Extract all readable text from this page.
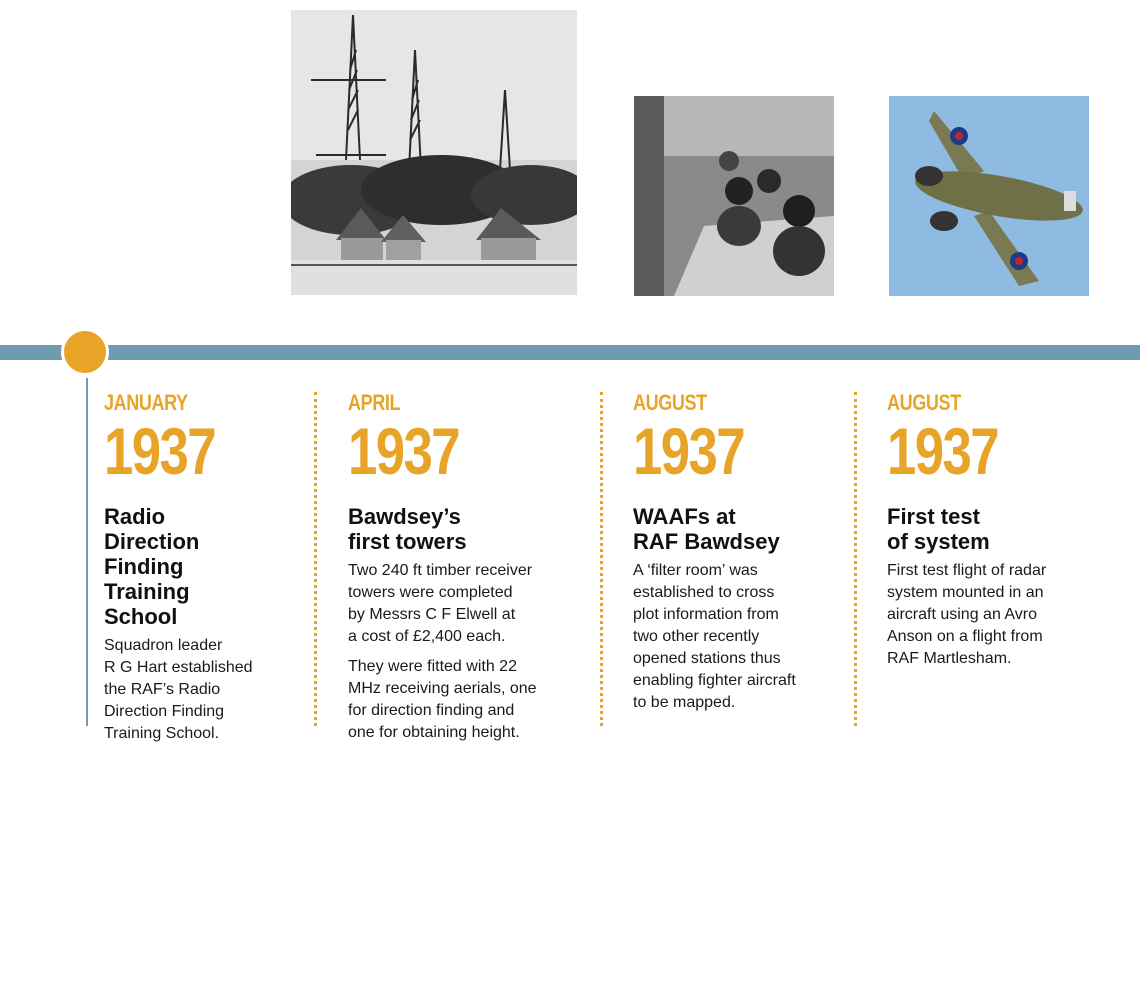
JANUARY
1937
Radio
Direction
Finding
Training
School
Squadron leader
R G Hart established
the RAF’s Radio
Direction Finding
Training School.
APRIL
1937
Bawdsey’s
first towers
Two 240 ft timber receiver
towers were completed
by Messrs C F Elwell at
a cost of £2,400 each.
They were fitted with 22
MHz receiving aerials, one
for direction finding and
one for obtaining height.
AUGUST
1937
WAAFs at
RAF Bawdsey
A ‘filter room’ was
established to cross
plot information from
two other recently
opened stations thus
enabling fighter aircraft
to be mapped.
AUGUST
1937
First test
of system
First test flight of radar
system mounted in an
aircraft using an Avro
Anson on a flight from
RAF Martlesham.
